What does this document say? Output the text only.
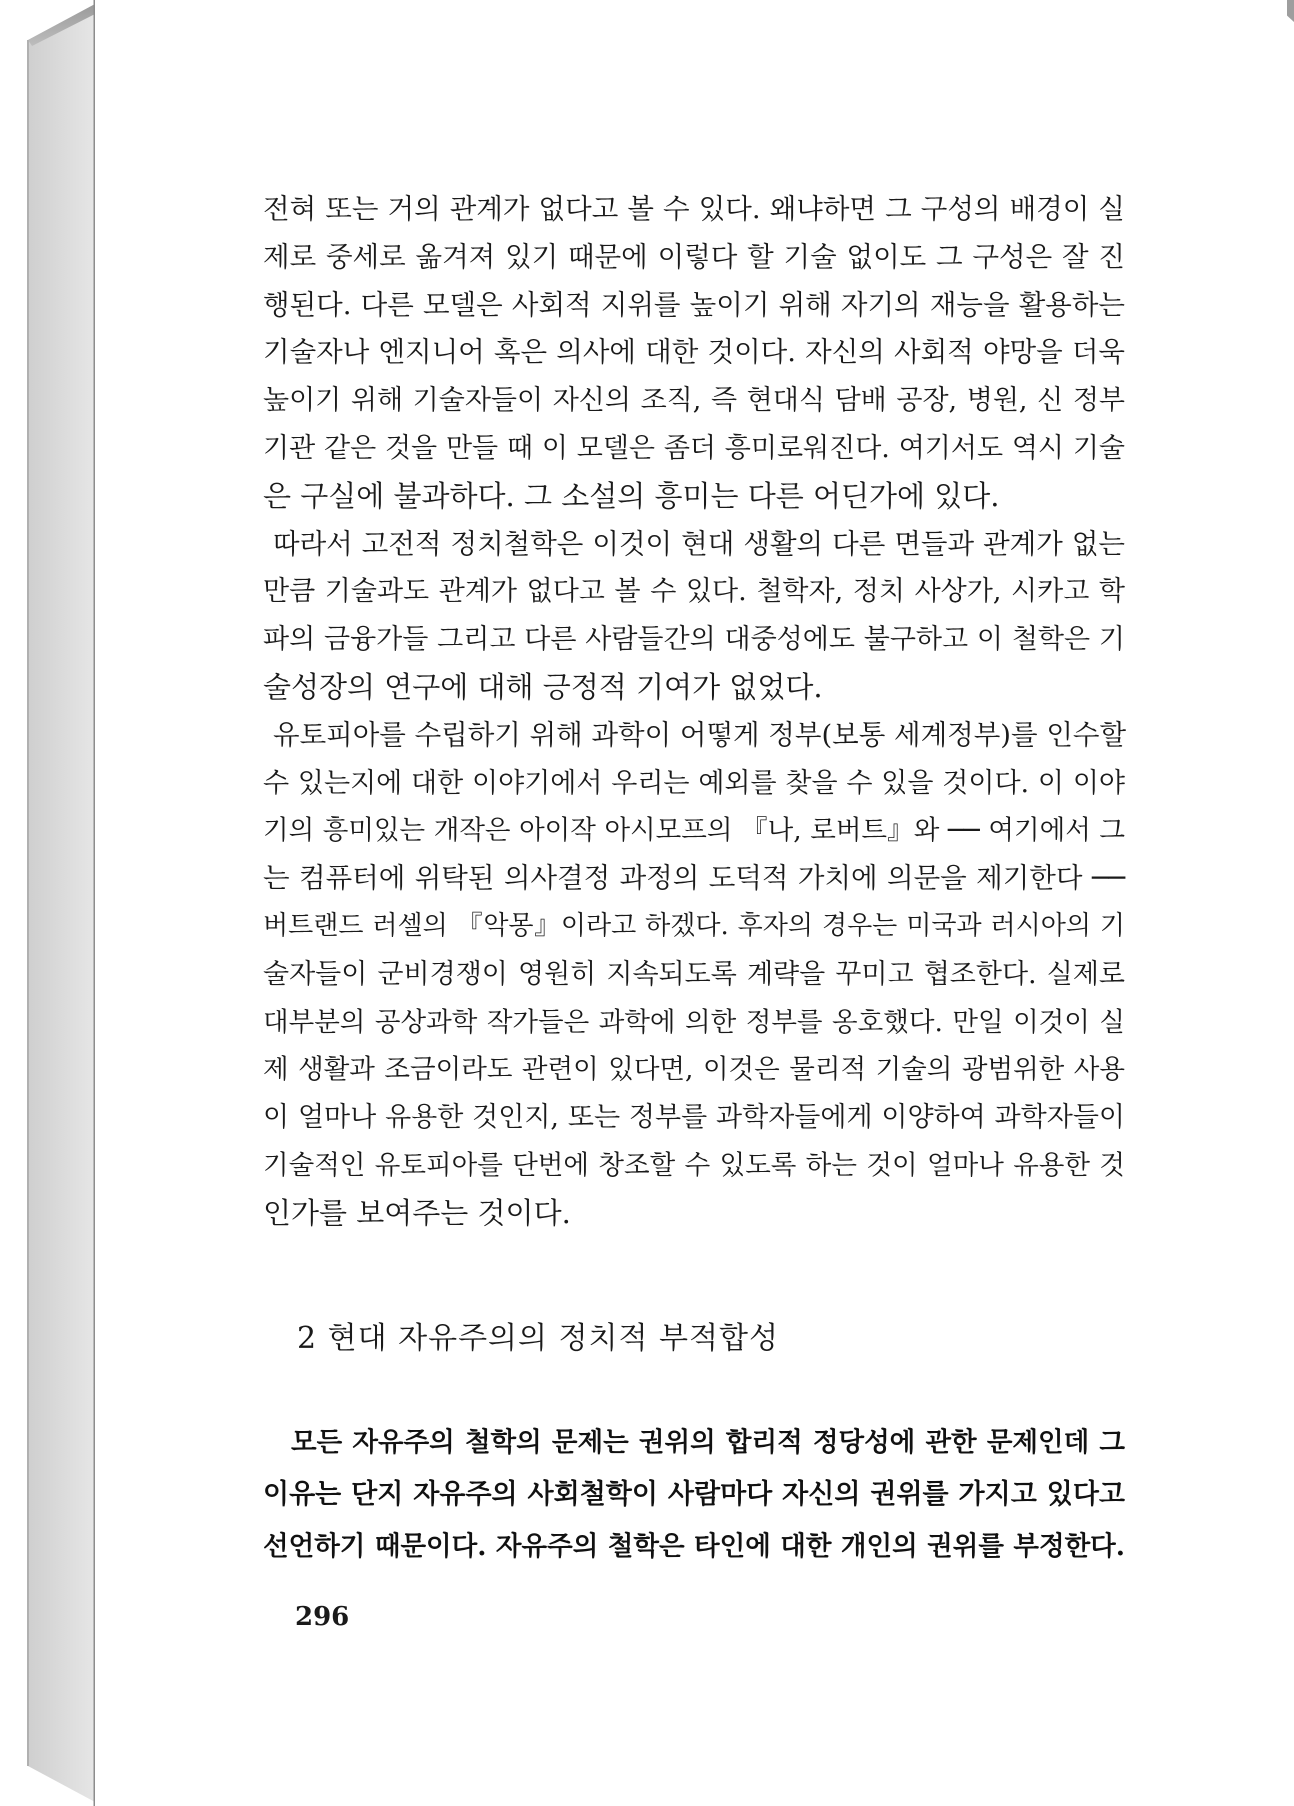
전혀 또는 거의 관계가 없다고 볼 수 있다. 왜냐하면 그 구성의 배경이 실
제로 중세로 옮겨져 있기 때문에 이렇다 할 기술 없이도 그 구성은 잘 진
행된다. 다른 모델은 사회적 지위를 높이기 위해 자기의 재능을 활용하는
기술자나 엔지니어 혹은 의사에 대한 것이다. 자신의 사회적 야망을 더욱
높이기 위해 기술자들이 자신의 조직, 즉 현대식 담배 공장, 병원, 신 정부
기관 같은 것을 만들 때 이 모델은 좀더 흥미로워진다. 여기서도 역시 기술
은 구실에 불과하다. 그 소설의 흥미는 다른 어딘가에 있다.
따라서 고전적 정치철학은 이것이 현대 생활의 다른 면들과 관계가 없는
만큼 기술과도 관계가 없다고 볼 수 있다. 철학자, 정치 사상가, 시카고 학
파의 금융가들 그리고 다른 사람들간의 대중성에도 불구하고 이 철학은 기
술성장의 연구에 대해 긍정적 기여가 없었다.
유토피아를 수립하기 위해 과학이 어떻게 정부(보통 세계정부)를 인수할
수 있는지에 대한 이야기에서 우리는 예외를 찾을 수 있을 것이다. 이 이야
기의 흥미있는 개작은 아이작 아시모프의 『나, 로버트』와 ── 여기에서 그
는 컴퓨터에 위탁된 의사결정 과정의 도덕적 가치에 의문을 제기한다 ──
버트랜드 러셀의 『악몽』이라고 하겠다. 후자의 경우는 미국과 러시아의 기
술자들이 군비경쟁이 영원히 지속되도록 계략을 꾸미고 협조한다. 실제로
대부분의 공상과학 작가들은 과학에 의한 정부를 옹호했다. 만일 이것이 실
제 생활과 조금이라도 관련이 있다면, 이것은 물리적 기술의 광범위한 사용
이 얼마나 유용한 것인지, 또는 정부를 과학자들에게 이양하여 과학자들이
기술적인 유토피아를 단번에 창조할 수 있도록 하는 것이 얼마나 유용한 것
인가를 보여주는 것이다.
2 현대 자유주의의 정치적 부적합성
모든 자유주의 철학의 문제는 권위의 합리적 정당성에 관한 문제인데 그
이유는 단지 자유주의 사회철학이 사람마다 자신의 권위를 가지고 있다고
선언하기 때문이다. 자유주의 철학은 타인에 대한 개인의 권위를 부정한다.
296
